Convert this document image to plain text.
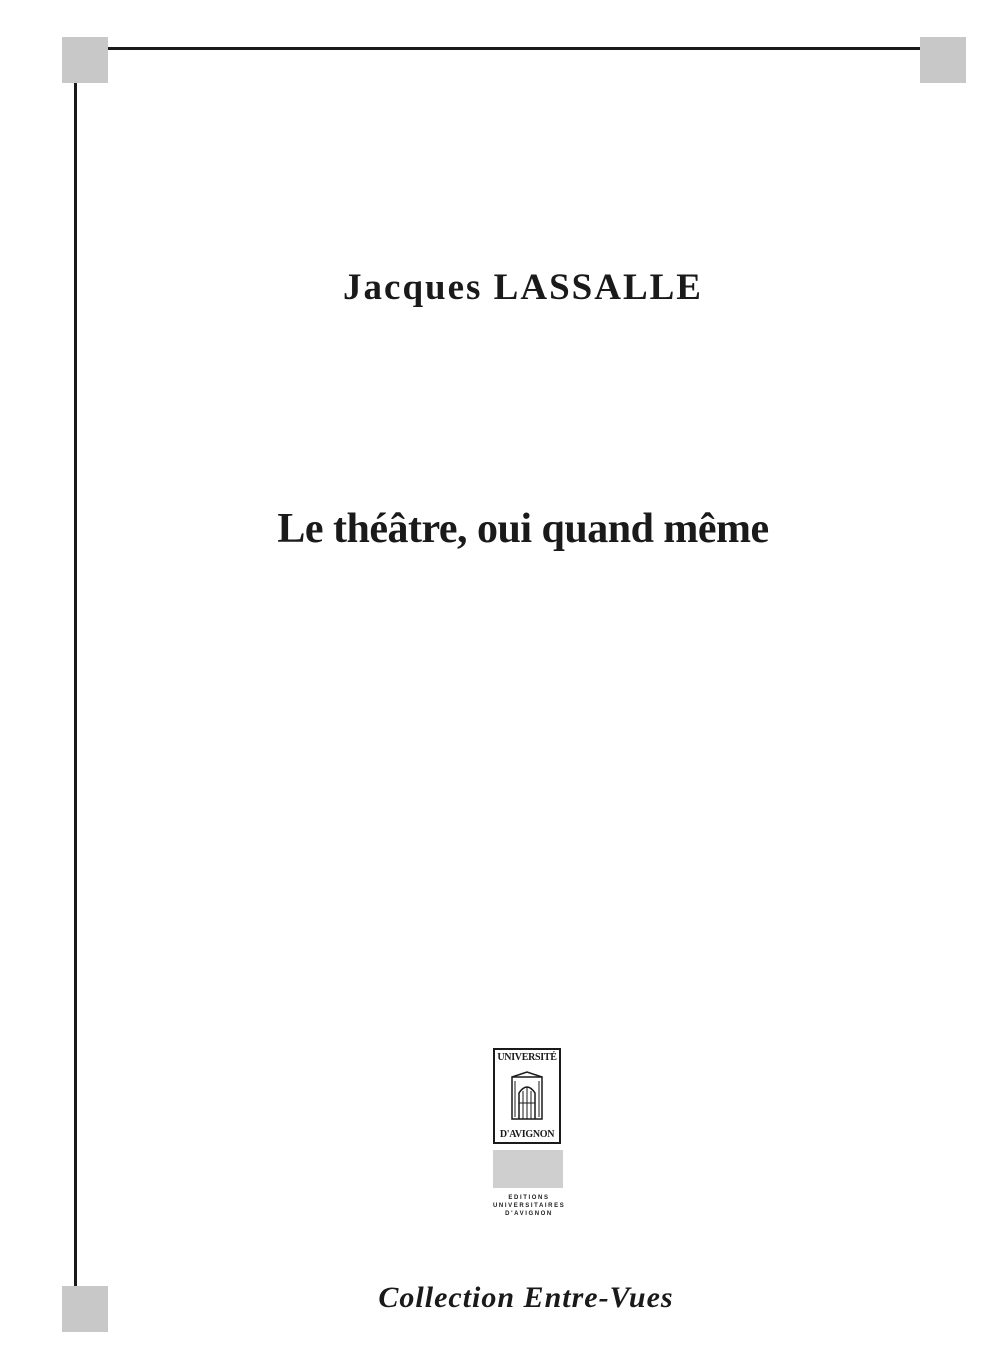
Jacques LASSALLE
Le théâtre, oui quand même
UNIVERSITÉ
D'AVIGNON
EDITIONS
UNIVERSITAIRES
D'AVIGNON
Collection Entre-Vues
